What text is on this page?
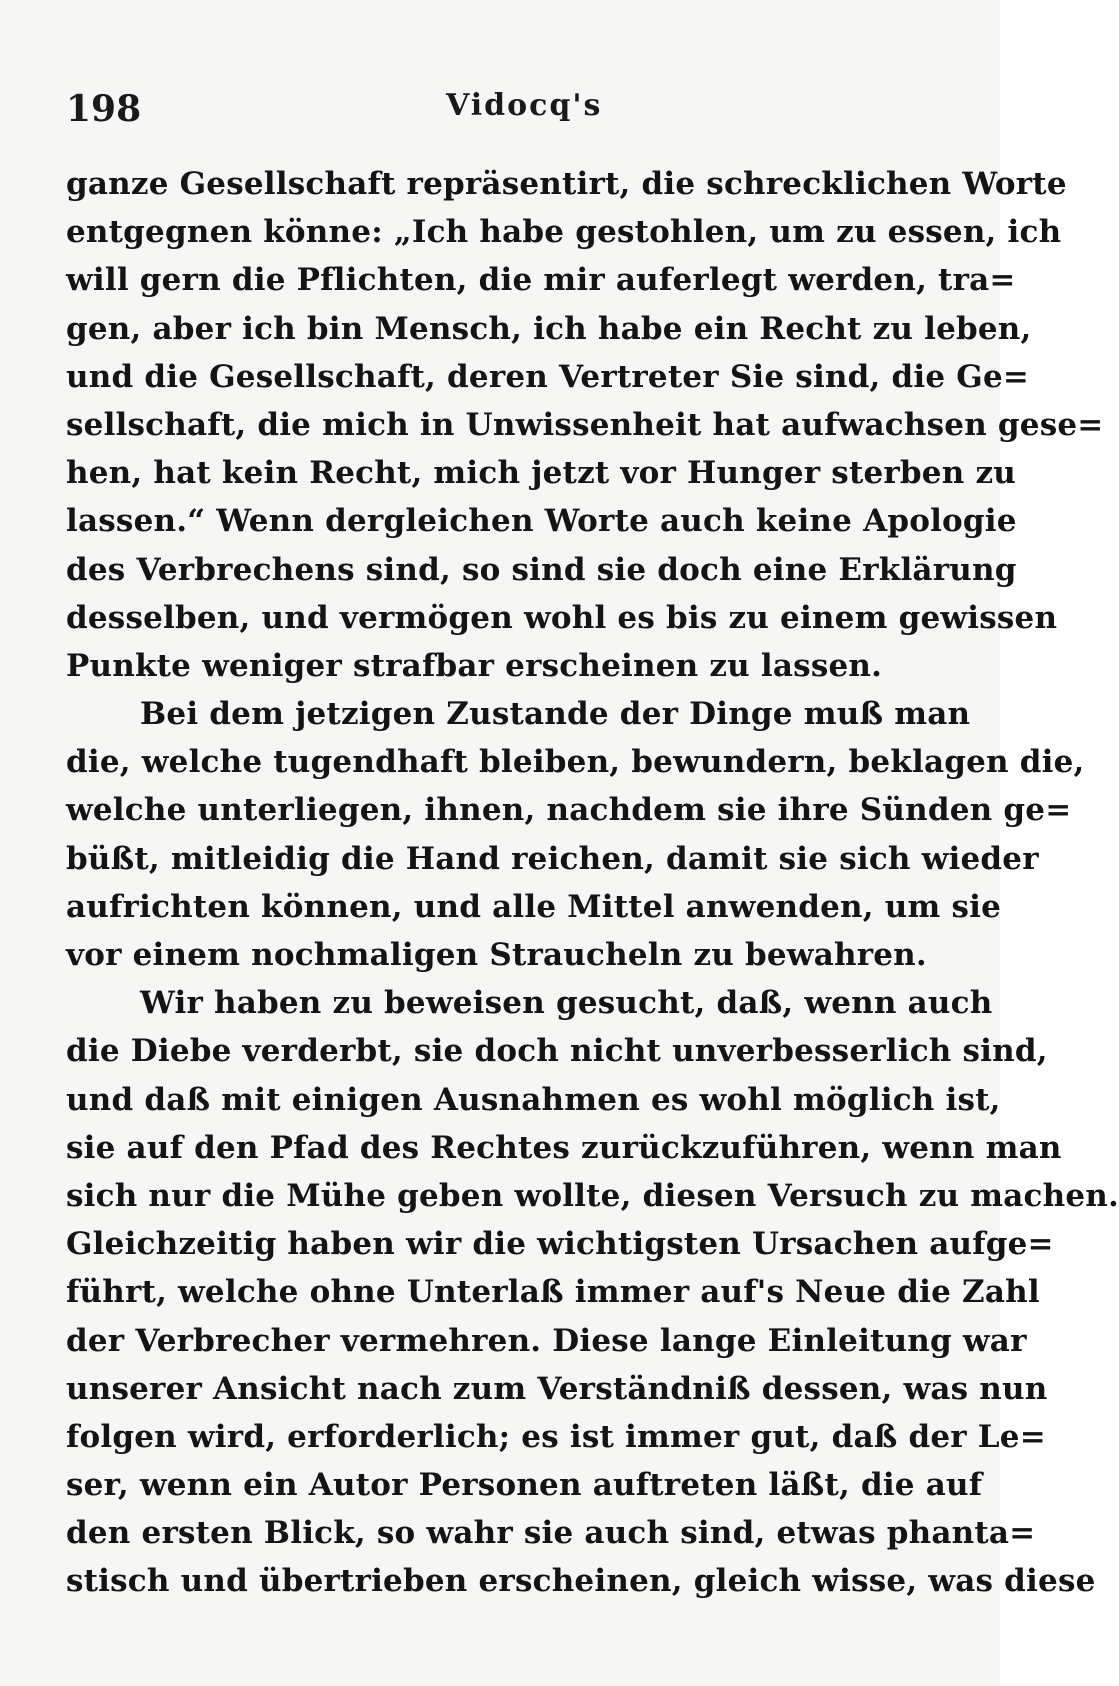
198	Vidocq's
ganze Gesellschaft repräsentirt, die schrecklichen Worte
entgegnen könne: „Ich habe gestohlen, um zu essen, ich
will gern die Pflichten, die mir auferlegt werden, tra=
gen, aber ich bin Mensch, ich habe ein Recht zu leben,
und die Gesellschaft, deren Vertreter Sie sind, die Ge=
sellschaft, die mich in Unwissenheit hat aufwachsen gese=
hen, hat kein Recht, mich jetzt vor Hunger sterben zu
lassen.“ Wenn dergleichen Worte auch keine Apologie
des Verbrechens sind, so sind sie doch eine Erklärung
desselben, und vermögen wohl es bis zu einem gewissen
Punkte weniger strafbar erscheinen zu lassen.
Bei dem jetzigen Zustande der Dinge muß man
die, welche tugendhaft bleiben, bewundern, beklagen die,
welche unterliegen, ihnen, nachdem sie ihre Sünden ge=
büßt, mitleidig die Hand reichen, damit sie sich wieder
aufrichten können, und alle Mittel anwenden, um sie
vor einem nochmaligen Straucheln zu bewahren.
Wir haben zu beweisen gesucht, daß, wenn auch
die Diebe verderbt, sie doch nicht unverbesserlich sind,
und daß mit einigen Ausnahmen es wohl möglich ist,
sie auf den Pfad des Rechtes zurückzuführen, wenn man
sich nur die Mühe geben wollte, diesen Versuch zu machen.
Gleichzeitig haben wir die wichtigsten Ursachen aufge=
führt, welche ohne Unterlaß immer auf's Neue die Zahl
der Verbrecher vermehren. Diese lange Einleitung war
unserer Ansicht nach zum Verständniß dessen, was nun
folgen wird, erforderlich; es ist immer gut, daß der Le=
ser, wenn ein Autor Personen auftreten läßt, die auf
den ersten Blick, so wahr sie auch sind, etwas phanta=
stisch und übertrieben erscheinen, gleich wisse, was diese
